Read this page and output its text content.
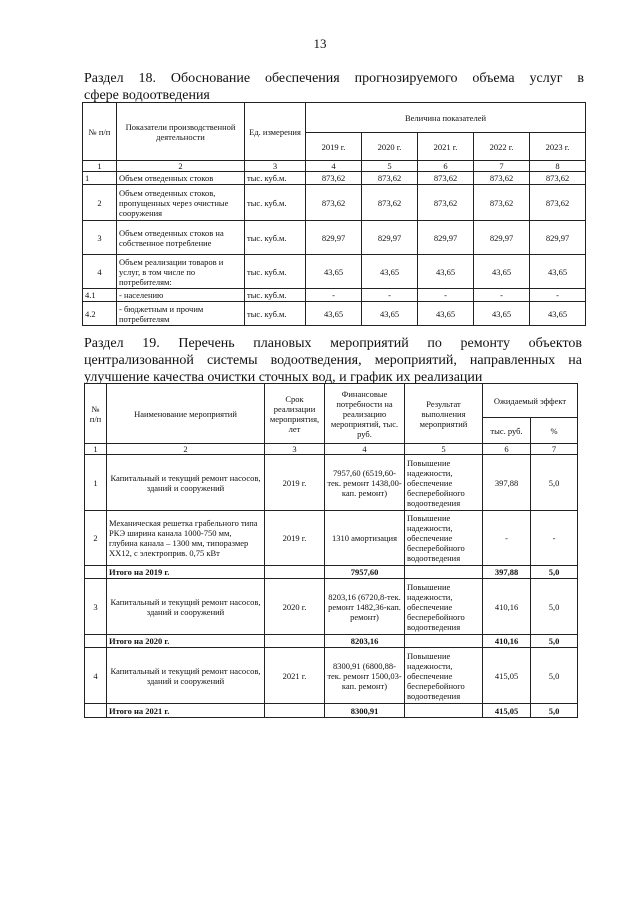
13
Раздел 18. Обоснование обеспечения прогнозируемого объема услуг в
сфере водоотведения
№ п/п	Показатели производственной деятельности	Ед. измерения	Величина показателей				
			2019 г.	2020 г.	2021 г.	2022 г.	2023 г.
1	2	3	4	5	6	7	8
1	Объем отведенных стоков	тыс. куб.м.	873,62	873,62	873,62	873,62	873,62
2	Объем отведенных стоков, пропущенных через очистные сооружения	тыс. куб.м.	873,62	873,62	873,62	873,62	873,62
3	Объем отведенных стоков на собственное потребление	тыс. куб.м.	829,97	829,97	829,97	829,97	829,97
4	Объем реализации товаров и услуг, в том числе по потребителям:	тыс. куб.м.	43,65	43,65	43,65	43,65	43,65
4.1	- населению	тыс. куб.м.	-	-	-	-	-
4.2	- бюджетным и прочим потребителям	тыс. куб.м.	43,65	43,65	43,65	43,65	43,65
Раздел 19. Перечень плановых мероприятий по ремонту объектов
централизованной системы водоотведения, мероприятий, направленных на
улучшение качества очистки сточных вод, и график их реализации
№ п/п	Наименование мероприятий	Срок реализации мероприятия, лет	Финансовые потребности на реализацию мероприятий, тыс. руб.	Результат выполнения мероприятий	Ожидаемый эффект	
					тыс. руб.	%
1	2	3	4	5	6	7
1	Капитальный и текущий ремонт насосов, зданий и сооружений	2019 г.	7957,60 (6519,60-тек. ремонт 1438,00-кап. ремонт)	Повышение надежности, обеспечение бесперебойного водоотведения	397,88	5,0
2	Механическая решетка грабельного типа РКЭ ширина канала 1000-750 мм, глубина канала – 1300 мм, типоразмер ХХ12, с электроприв. 0,75 кВт	2019 г.	1310 амортизация	Повышение надежности, обеспечение бесперебойного водоотведения	-	-
	Итого на 2019 г.		7957,60		397,88	5,0
3	Капитальный и текущий ремонт насосов, зданий и сооружений	2020 г.	8203,16 (6720,8-тек. ремонт 1482,36-кап. ремонт)	Повышение надежности, обеспечение бесперебойного водоотведения	410,16	5,0
	Итого на 2020 г.		8203,16		410,16	5,0
4	Капитальный и текущий ремонт насосов, зданий и сооружений	2021 г.	8300,91 (6800,88-тек. ремонт 1500,03-кап. ремонт)	Повышение надежности, обеспечение бесперебойного водоотведения	415,05	5,0
	Итого на 2021 г.		8300,91		415,05	5,0
